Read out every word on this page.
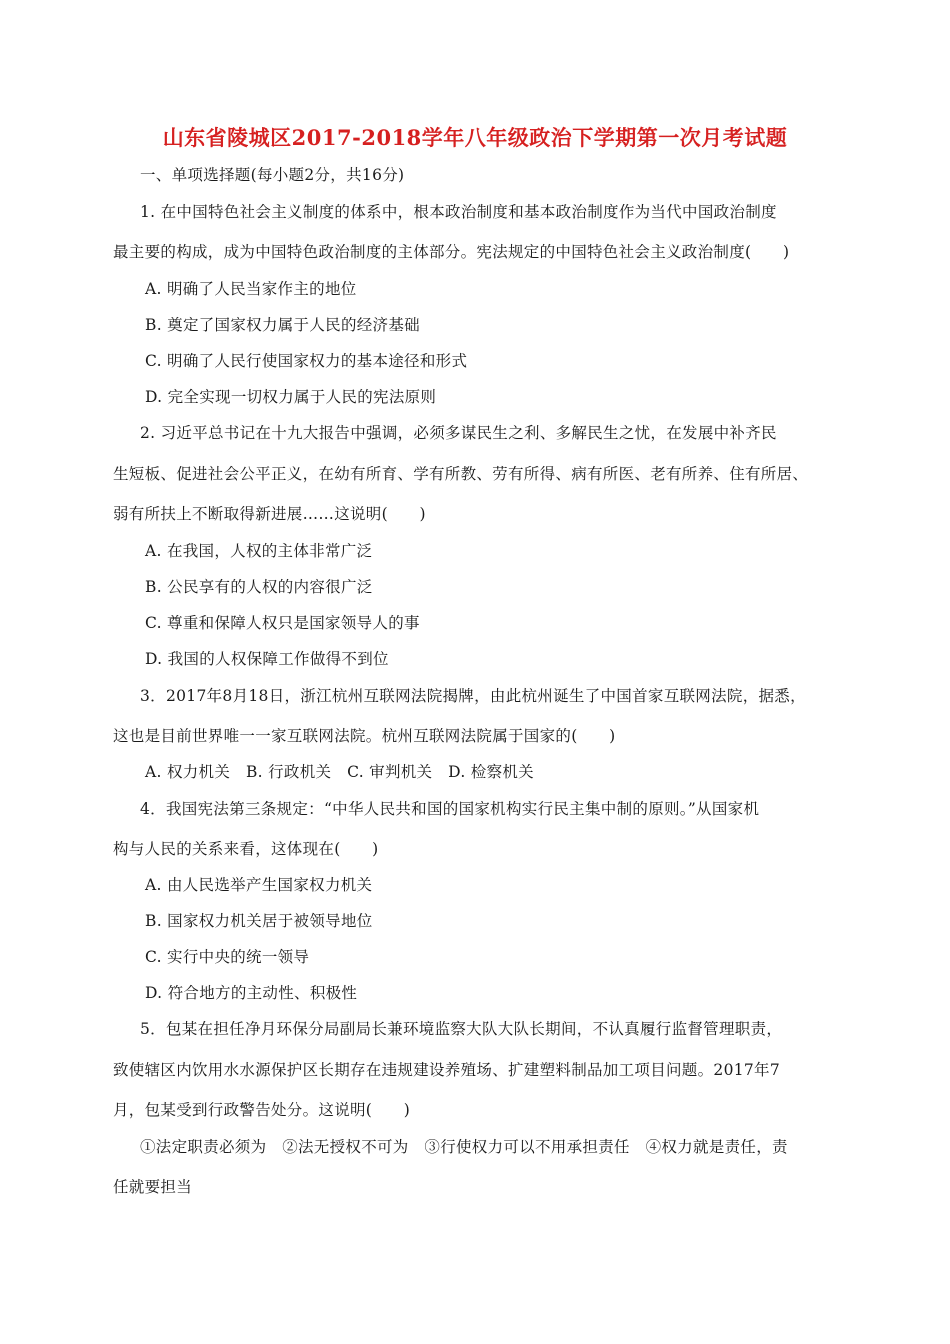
山东省陵城区2017-2018学年八年级政治下学期第一次月考试题
一、单项选择题(每小题2分，共16分)
1. 在中国特色社会主义制度的体系中，根本政治制度和基本政治制度作为当代中国政治制度
最主要的构成，成为中国特色政治制度的主体部分。宪法规定的中国特色社会主义政治制度(　　)
A. 明确了人民当家作主的地位
B. 奠定了国家权力属于人民的经济基础
C. 明确了人民行使国家权力的基本途径和形式
D. 完全实现一切权力属于人民的宪法原则
2. 习近平总书记在十九大报告中强调，必须多谋民生之利、多解民生之忧，在发展中补齐民
生短板、促进社会公平正义，在幼有所育、学有所教、劳有所得、病有所医、老有所养、住有所居、
弱有所扶上不断取得新进展……这说明(　　)
A. 在我国，人权的主体非常广泛
B. 公民享有的人权的内容很广泛
C. 尊重和保障人权只是国家领导人的事
D. 我国的人权保障工作做得不到位
3．2017年8月18日，浙江杭州互联网法院揭牌，由此杭州诞生了中国首家互联网法院，据悉，
这也是目前世界唯一一家互联网法院。杭州互联网法院属于国家的(　　)
A. 权力机关　B. 行政机关　C. 审判机关　D. 检察机关
4．我国宪法第三条规定：“中华人民共和国的国家机构实行民主集中制的原则。”从国家机
构与人民的关系来看，这体现在(　　)
A. 由人民选举产生国家权力机关
B. 国家权力机关居于被领导地位
C. 实行中央的统一领导
D. 符合地方的主动性、积极性
5．包某在担任净月环保分局副局长兼环境监察大队大队长期间，不认真履行监督管理职责，
致使辖区内饮用水水源保护区长期存在违规建设养殖场、扩建塑料制品加工项目问题。2017年7
月，包某受到行政警告处分。这说明(　　)
①法定职责必须为　②法无授权不可为　③行使权力可以不用承担责任　④权力就是责任，责
任就要担当
